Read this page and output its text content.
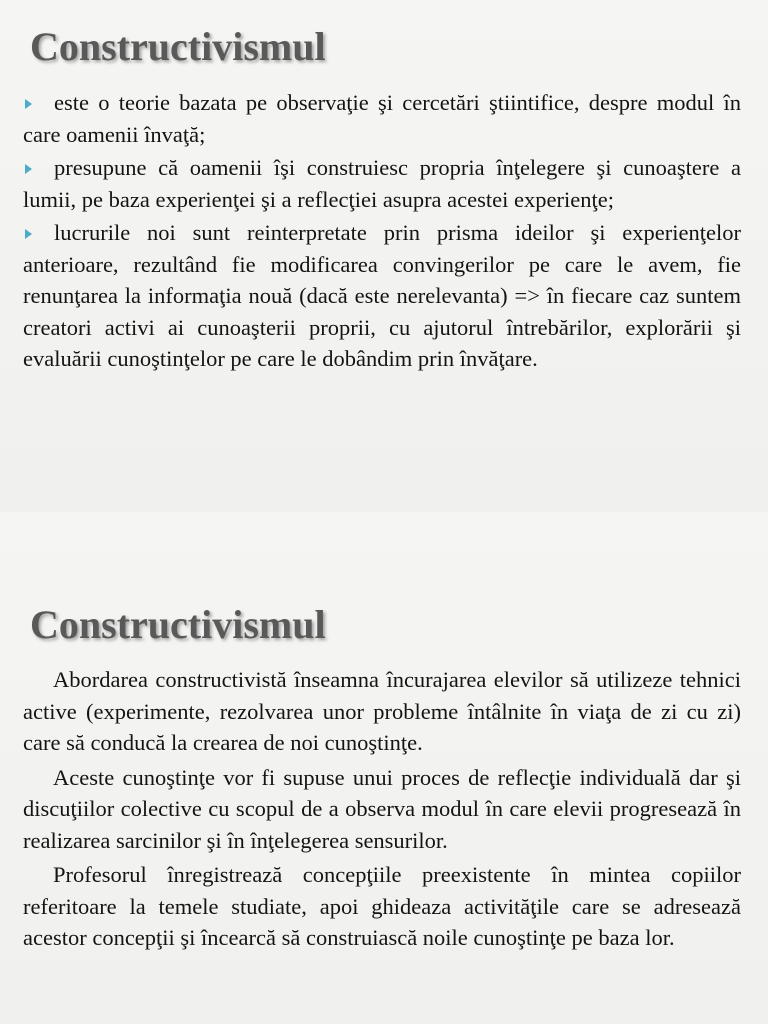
Constructivismul
este o teorie bazata pe observaţie şi cercetări ştiintifice, despre modul în care oamenii învaţă;
presupune că oamenii îşi construiesc propria înţelegere şi cunoaştere a lumii, pe baza experienţei şi a reflecţiei asupra acestei experienţe;
lucrurile noi sunt reinterpretate prin prisma ideilor şi experienţelor anterioare, rezultând fie modificarea convingerilor pe care le avem, fie renunţarea la informaţia nouă (dacă este nerelevanta) => în fiecare caz suntem creatori activi ai cunoaşterii proprii, cu ajutorul întrebărilor, explorării şi evaluării cunoştinţelor pe care le dobândim prin învăţare.
Constructivismul

Abordarea constructivistă înseamna încurajarea elevilor să utilizeze tehnici active (experimente, rezolvarea unor probleme întâlnite în viaţa de zi cu zi) care să conducă la crearea de noi cunoştinţe.

Aceste cunoştinţe vor fi supuse unui proces de reflecţie individuală dar şi discuţiilor colective cu scopul de a observa modul în care elevii progresează în realizarea sarcinilor şi în înţelegerea sensurilor.

Profesorul înregistrează concepţiile preexistente în mintea copiilor referitoare la temele studiate, apoi ghideaza activităţile care se adresează acestor concepţii şi încearcă să construiască noile cunoştinţe pe baza lor.
